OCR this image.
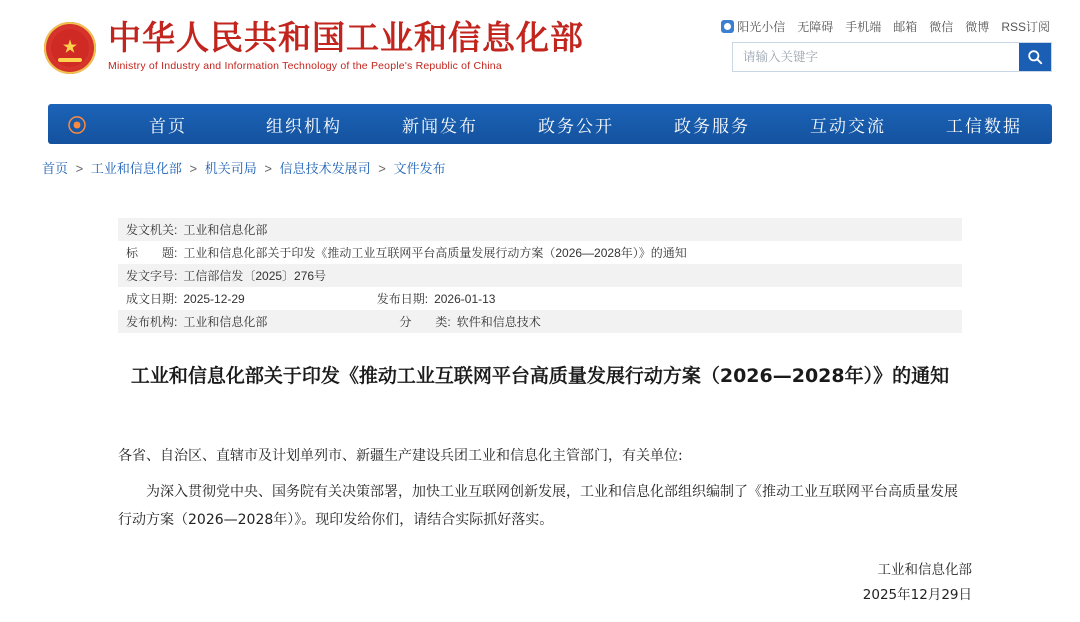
★
中华人民共和国工业和信息化部
Ministry of Industry and Information Technology of the People's Republic of China
阳光小信 无障碍 手机端 邮箱 微信 微博 RSS订阅
请输入关键字
⦿	首页	组织机构	新闻发布	政务公开	政务服务	互动交流	工信数据
首页 > 工业和信息化部 > 机关司局 > 信息技术发展司 > 文件发布
发文机关: 工业和信息化部
标　　题: 工业和信息化部关于印发《推动工业互联网平台高质量发展行动方案（2026—2028年）》的通知
发文字号: 工信部信发〔2025〕276号
成文日期: 2025-12-29	发布日期: 2026-01-13
发布机构: 工业和信息化部	分　　类: 软件和信息技术
工业和信息化部关于印发《推动工业互联网平台高质量发展行动方案（2026—2028年）》的通知

各省、自治区、直辖市及计划单列市、新疆生产建设兵团工业和信息化主管部门，有关单位:

为深入贯彻党中央、国务院有关决策部署，加快工业互联网创新发展，工业和信息化部组织编制了《推动工业互联网平台高质量发展行动方案（2026—2028年）》。现印发给你们，请结合实际抓好落实。

工业和信息化部
2025年12月29日
